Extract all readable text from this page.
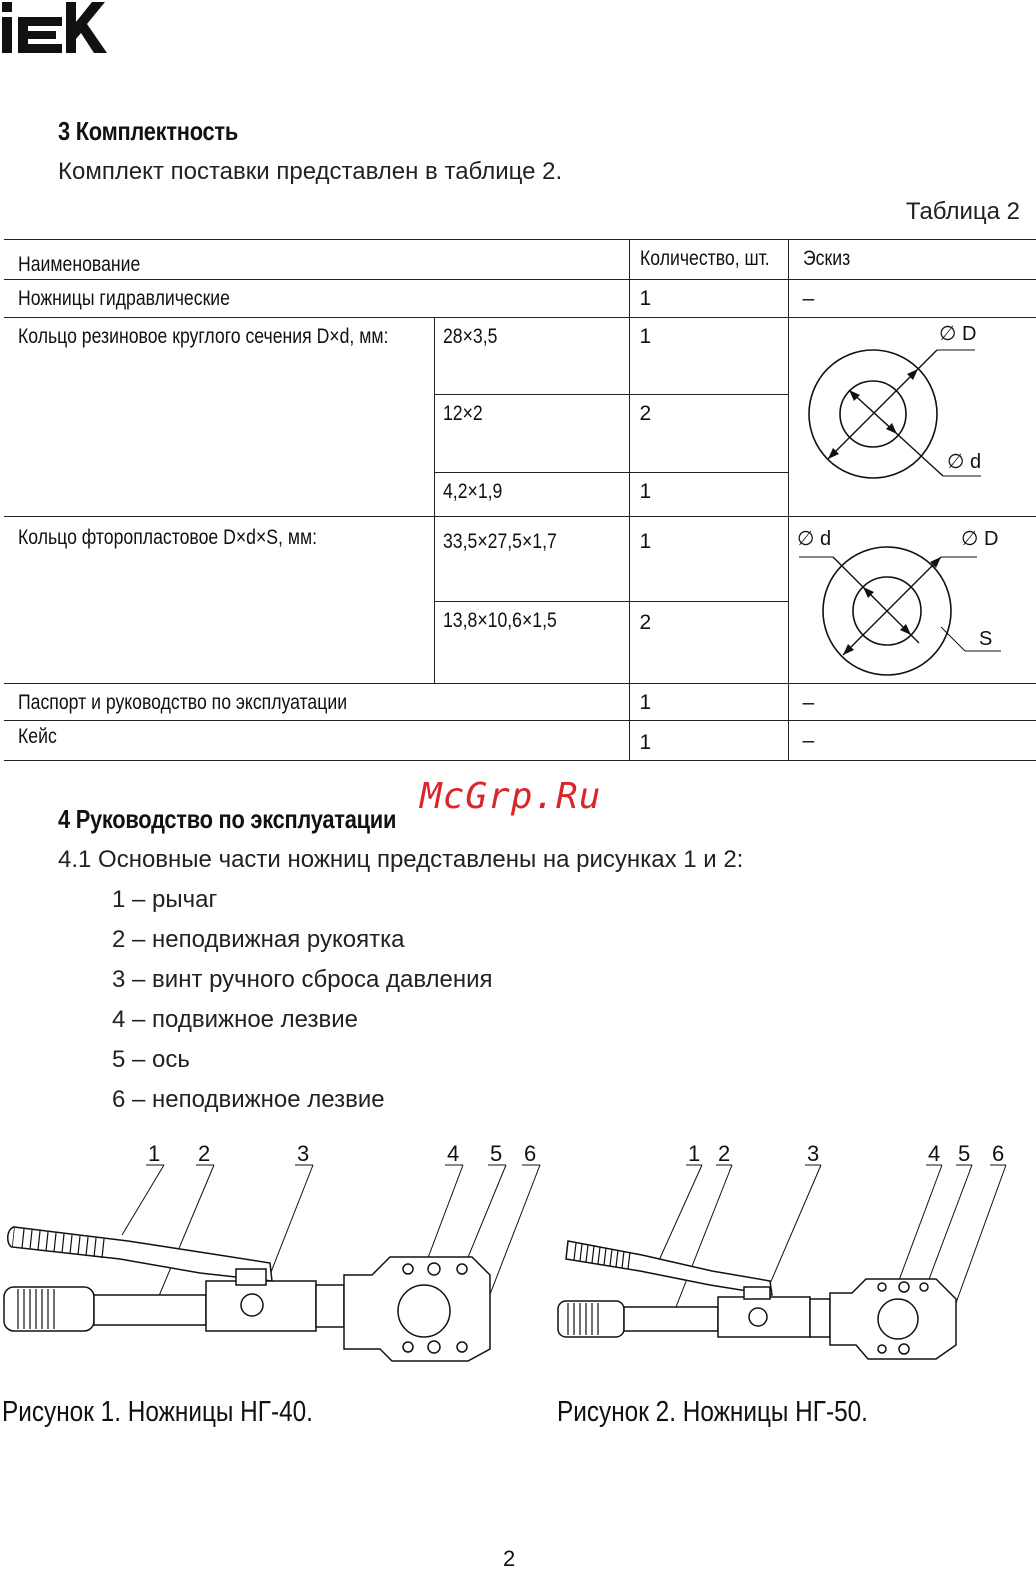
3 Комплектность
Комплект поставки представлен в таблице 2.
Таблица 2
Наименование		Количество, шт.	Эскиз

Ножницы гидравлические		1	–

Кольцо резиновое круглого сечения D×d, мм:	28×3,5	1	∅ D
∅ d

	12×2	2	

	4,2×1,9	1	

Кольцо фторопластовое D×d×S, мм:	33,5×27,5×1,7	1	∅ d ∅ D
S

	13,8×10,6×1,5	2	

Паспорт и руководство по эксплуатации		1	–

Кейс		1	–
McGrp.Ru
4 Руководство по эксплуатации
4.1 Основные части ножниц представлены на рисунках 1 и 2:
1 – рычаг
2 – неподвижная рукоятка
3 – винт ручного сброса давления
4 – подвижное лезвие
5 – ось
6 – неподвижное лезвие
1 2	3	4 5 6	1 2	3	4 5 6
Рисунок 1. Ножницы НГ-40.	Рисунок 2. Ножницы НГ-50.
2
